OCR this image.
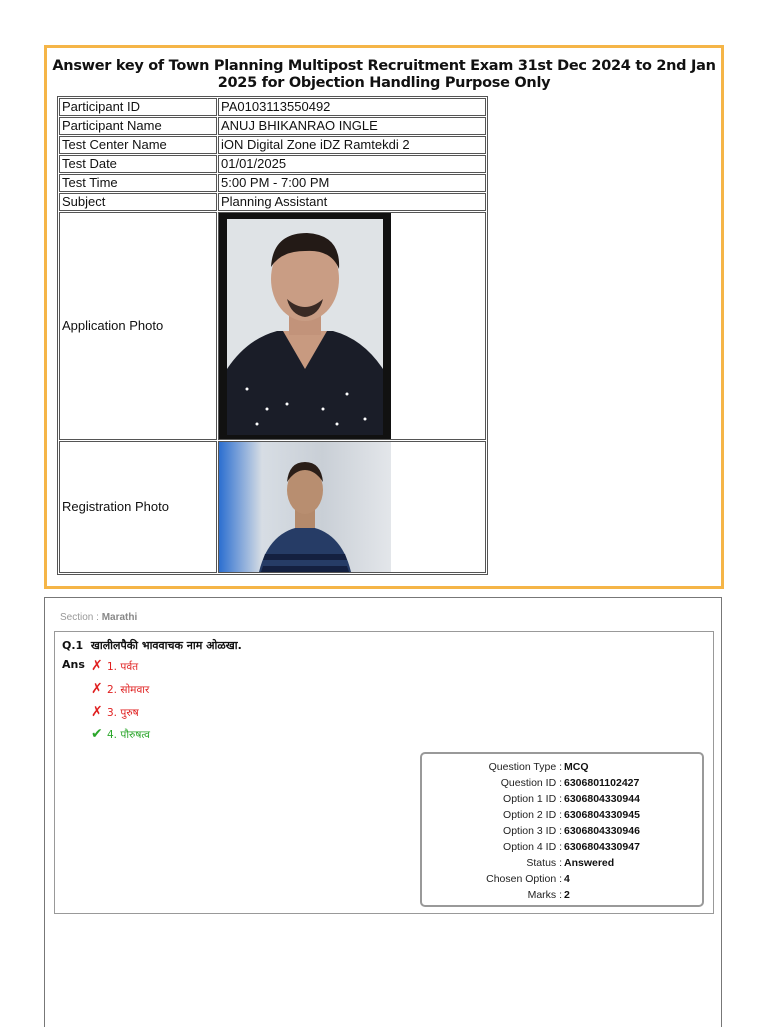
Answer key of Town Planning Multipost Recruitment Exam 31st Dec 2024 to 2nd Jan 2025 for Objection Handling Purpose Only
Participant ID	PA0103113550492
Participant Name	ANUJ BHIKANRAO INGLE
Test Center Name	iON Digital Zone iDZ Ramtekdi 2
Test Date	01/01/2025
Test Time	5:00 PM - 7:00 PM
Subject	Planning Assistant
Application Photo	

Registration Photo	
Section : Marathi
Q.1 खालीलपैकी भाववाचक नाम ओळखा.
Ans ✗ 1. पर्वत
✗ 2. सोमवार
✗ 3. पुरुष
✔ 4. पौरुषत्व
Question Type : MCQ
Question ID : 6306801102427
Option 1 ID : 6306804330944
Option 2 ID : 6306804330945
Option 3 ID : 6306804330946
Option 4 ID : 6306804330947
Status : Answered
Chosen Option : 4
Marks : 2
